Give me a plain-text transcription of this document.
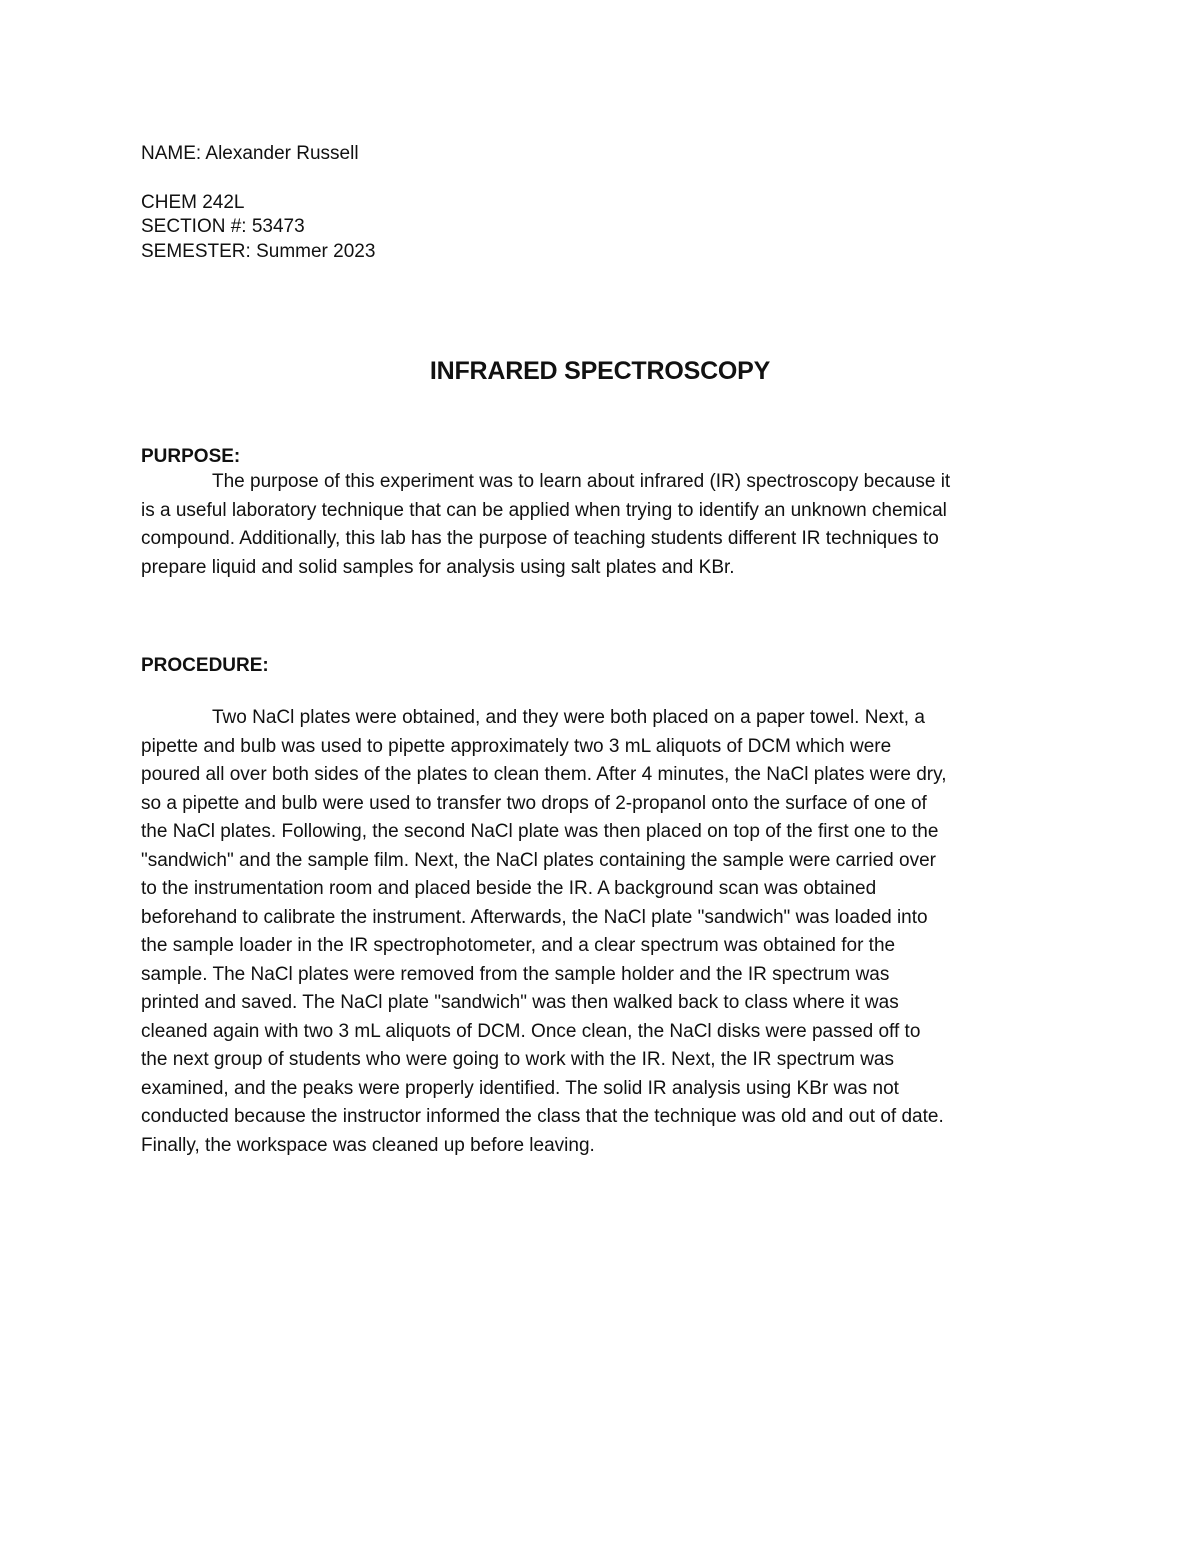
NAME: Alexander Russell
CHEM 242L
SECTION #: 53473
SEMESTER: Summer 2023
INFRARED SPECTROSCOPY
PURPOSE:
The purpose of this experiment was to learn about infrared (IR) spectroscopy because it
is a useful laboratory technique that can be applied when trying to identify an unknown chemical
compound. Additionally, this lab has the purpose of teaching students different IR techniques to
prepare liquid and solid samples for analysis using salt plates and KBr.
PROCEDURE:
Two NaCl plates were obtained, and they were both placed on a paper towel. Next, a
pipette and bulb was used to pipette approximately two 3 mL aliquots of DCM which were
poured all over both sides of the plates to clean them. After 4 minutes, the NaCl plates were dry,
so a pipette and bulb were used to transfer two drops of 2-propanol onto the surface of one of
the NaCl plates. Following, the second NaCl plate was then placed on top of the first one to the
"sandwich" and the sample film. Next, the NaCl plates containing the sample were carried over
to the instrumentation room and placed beside the IR. A background scan was obtained
beforehand to calibrate the instrument. Afterwards, the NaCl plate "sandwich" was loaded into
the sample loader in the IR spectrophotometer, and a clear spectrum was obtained for the
sample. The NaCl plates were removed from the sample holder and the IR spectrum was
printed and saved. The NaCl plate "sandwich" was then walked back to class where it was
cleaned again with two 3 mL aliquots of DCM. Once clean, the NaCl disks were passed off to
the next group of students who were going to work with the IR. Next, the IR spectrum was
examined, and the peaks were properly identified. The solid IR analysis using KBr was not
conducted because the instructor informed the class that the technique was old and out of date.
Finally, the workspace was cleaned up before leaving.
